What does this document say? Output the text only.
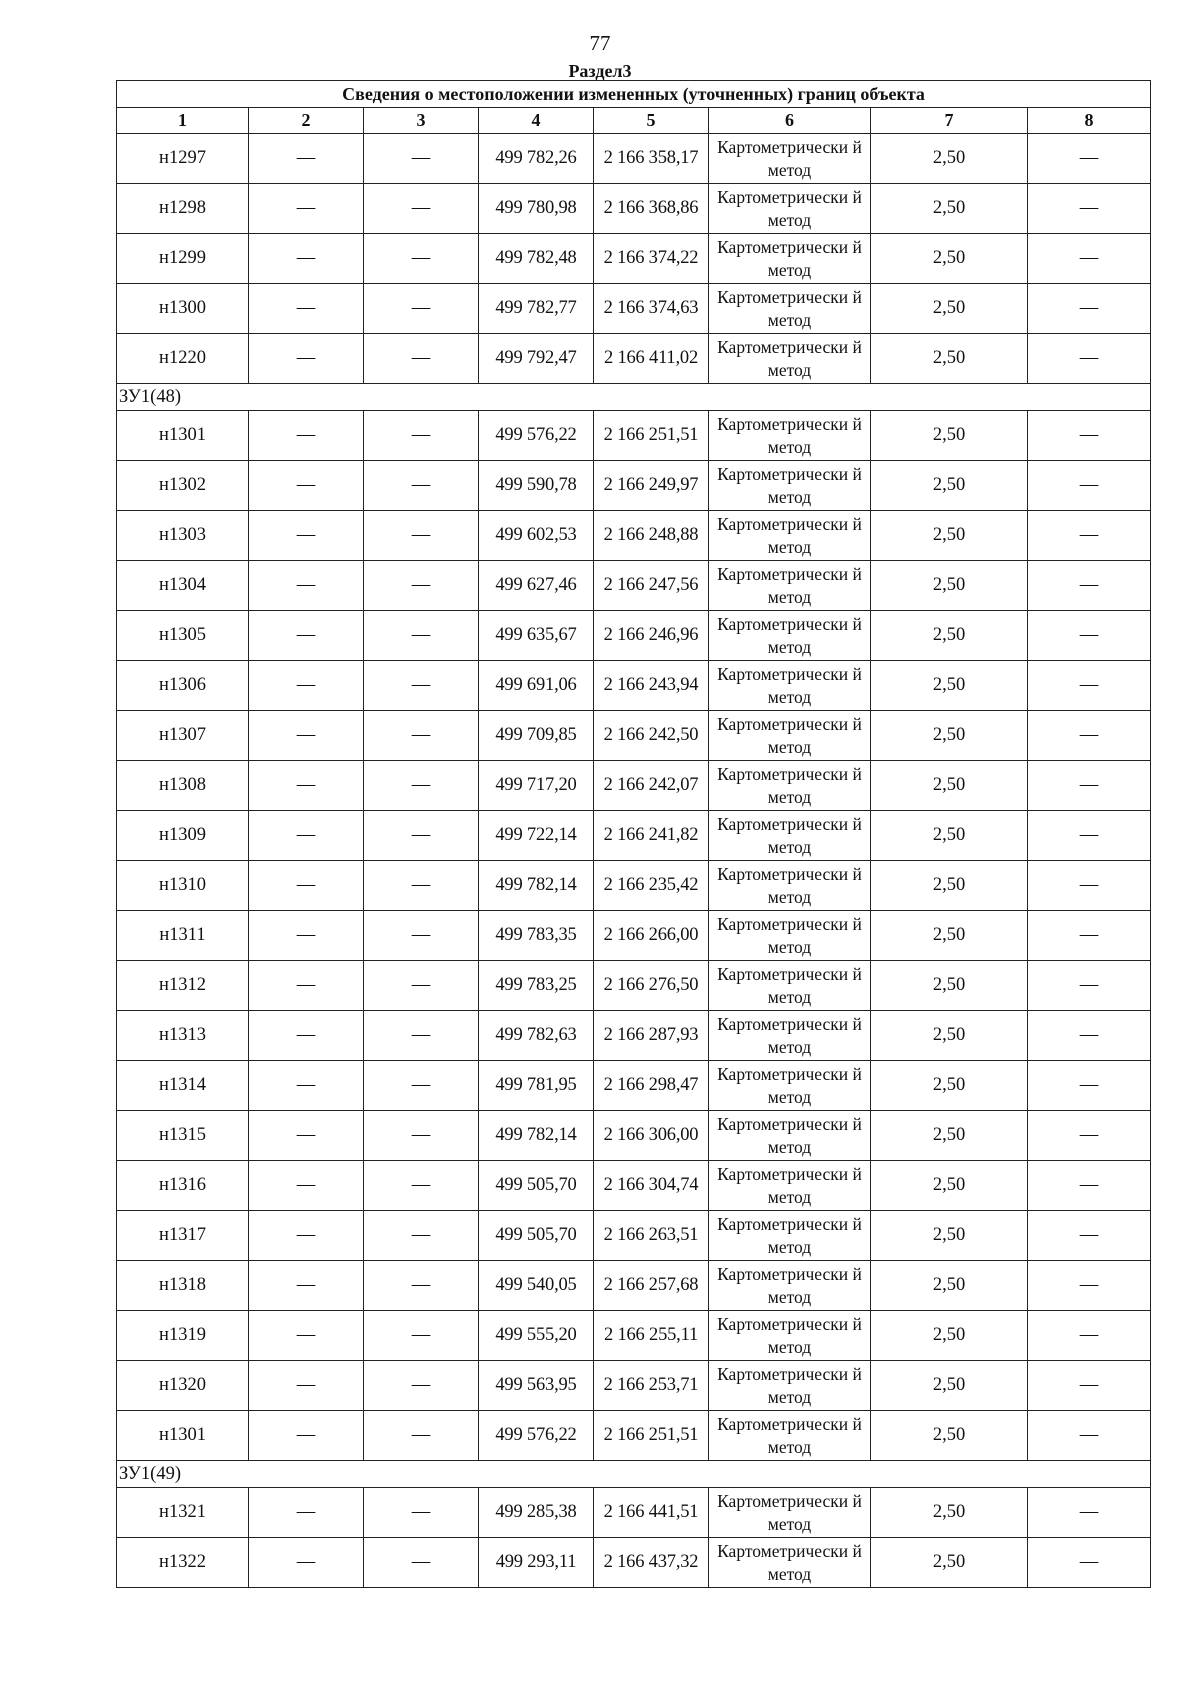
77
Раздел3
Сведения о местоположении измененных (уточненных) границ объекта							
1	2	3	4	5	6	7	8
н1297	—	—	499 782,26	2 166 358,17	Картометрически й метод	2,50	—
н1298	—	—	499 780,98	2 166 368,86	Картометрически й метод	2,50	—
н1299	—	—	499 782,48	2 166 374,22	Картометрически й метод	2,50	—
н1300	—	—	499 782,77	2 166 374,63	Картометрически й метод	2,50	—
н1220	—	—	499 792,47	2 166 411,02	Картометрически й метод	2,50	—
ЗУ1(48)							
н1301	—	—	499 576,22	2 166 251,51	Картометрически й метод	2,50	—
н1302	—	—	499 590,78	2 166 249,97	Картометрически й метод	2,50	—
н1303	—	—	499 602,53	2 166 248,88	Картометрически й метод	2,50	—
н1304	—	—	499 627,46	2 166 247,56	Картометрически й метод	2,50	—
н1305	—	—	499 635,67	2 166 246,96	Картометрически й метод	2,50	—
н1306	—	—	499 691,06	2 166 243,94	Картометрически й метод	2,50	—
н1307	—	—	499 709,85	2 166 242,50	Картометрически й метод	2,50	—
н1308	—	—	499 717,20	2 166 242,07	Картометрически й метод	2,50	—
н1309	—	—	499 722,14	2 166 241,82	Картометрически й метод	2,50	—
н1310	—	—	499 782,14	2 166 235,42	Картометрически й метод	2,50	—
н1311	—	—	499 783,35	2 166 266,00	Картометрически й метод	2,50	—
н1312	—	—	499 783,25	2 166 276,50	Картометрически й метод	2,50	—
н1313	—	—	499 782,63	2 166 287,93	Картометрически й метод	2,50	—
н1314	—	—	499 781,95	2 166 298,47	Картометрически й метод	2,50	—
н1315	—	—	499 782,14	2 166 306,00	Картометрически й метод	2,50	—
н1316	—	—	499 505,70	2 166 304,74	Картометрически й метод	2,50	—
н1317	—	—	499 505,70	2 166 263,51	Картометрически й метод	2,50	—
н1318	—	—	499 540,05	2 166 257,68	Картометрически й метод	2,50	—
н1319	—	—	499 555,20	2 166 255,11	Картометрически й метод	2,50	—
н1320	—	—	499 563,95	2 166 253,71	Картометрически й метод	2,50	—
н1301	—	—	499 576,22	2 166 251,51	Картометрически й метод	2,50	—
ЗУ1(49)							
н1321	—	—	499 285,38	2 166 441,51	Картометрически й метод	2,50	—
н1322	—	—	499 293,11	2 166 437,32	Картометрически й метод	2,50	—
